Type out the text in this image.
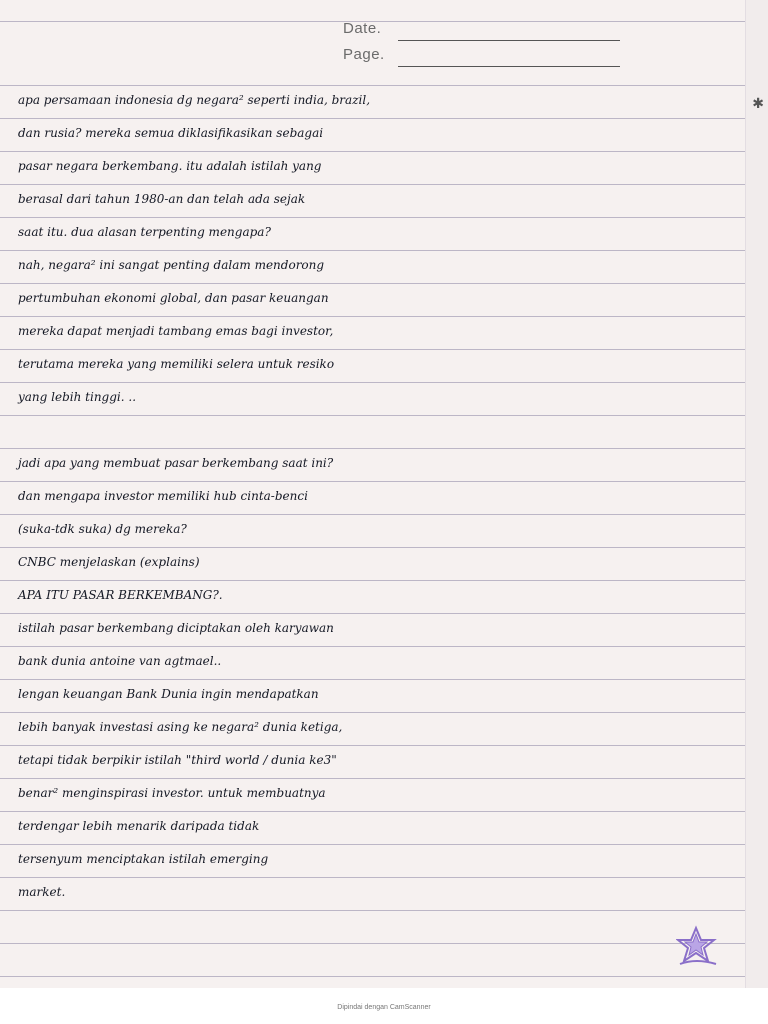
Date.
Page.
✱
apa persamaan indonesia dg negara² seperti india, brazil,
dan rusia? mereka semua diklasifikasikan sebagai
pasar negara berkembang. itu adalah istilah yang
berasal dari tahun 1980-an dan telah ada sejak
saat itu. dua alasan terpenting mengapa?
nah, negara² ini sangat penting dalam mendorong
pertumbuhan ekonomi global, dan pasar keuangan
mereka dapat menjadi tambang emas bagi investor,
terutama mereka yang memiliki selera untuk resiko
yang lebih tinggi. ..
jadi apa yang membuat pasar berkembang saat ini?
dan mengapa investor memiliki hub cinta-benci
(suka-tdk suka) dg mereka?
CNBC menjelaskan (explains)
APA ITU PASAR BERKEMBANG?.
istilah pasar berkembang diciptakan oleh karyawan
bank dunia antoine van agtmael..
lengan keuangan Bank Dunia ingin mendapatkan
lebih banyak investasi asing ke negara² dunia ketiga,
tetapi tidak berpikir istilah "third world / dunia ke3"
benar² menginspirasi investor. untuk membuatnya
terdengar lebih menarik daripada tidak
tersenyum menciptakan istilah emerging
market.
Dipindai dengan CamScanner
